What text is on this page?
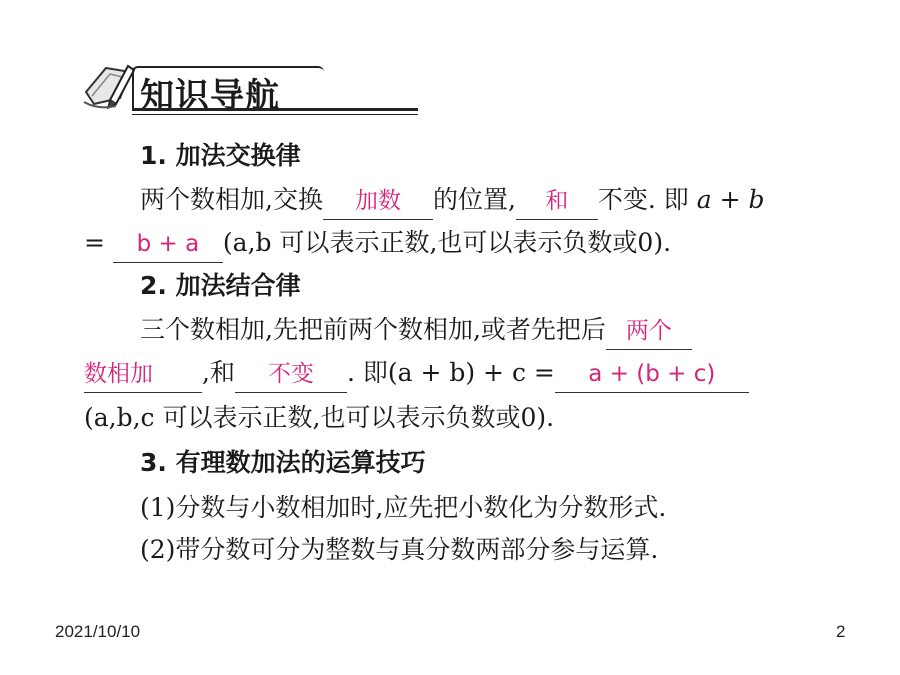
知识导航
1. 加法交换律
两个数相加,交换 加数 的位置, 和 不变. 即 a + b
= b + a (a,b 可以表示正数,也可以表示负数或0).
2. 加法结合律
三个数相加,先把前两个数相加,或者先把后 两个
数相加 ,和 不变 . 即(a + b) + c = a + (b + c)
(a,b,c 可以表示正数,也可以表示负数或0).
3. 有理数加法的运算技巧
(1)分数与小数相加时,应先把小数化为分数形式.
(2)带分数可分为整数与真分数两部分参与运算.
2021/10/10	2
